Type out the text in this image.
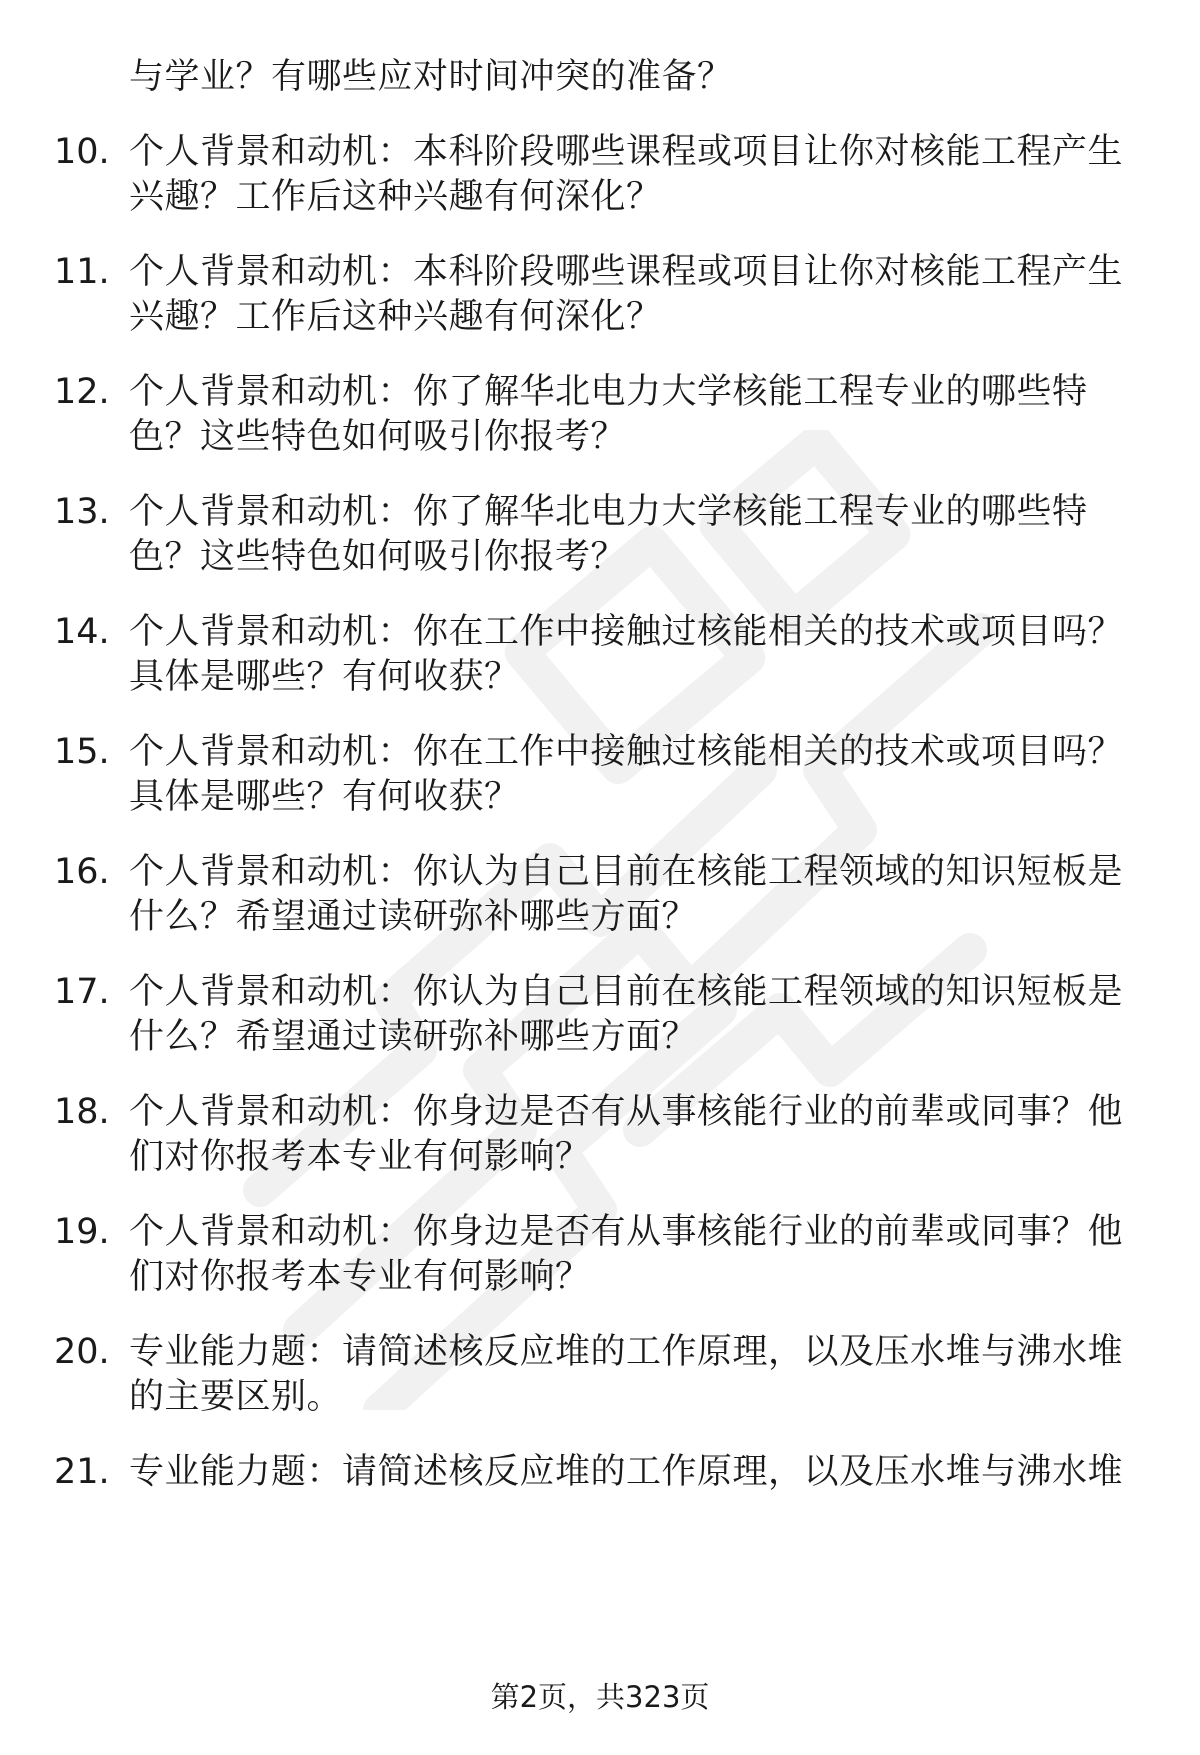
与学业？有哪些应对时间冲突的准备？
10. 个人背景和动机：本科阶段哪些课程或项目让你对核能工程产生
兴趣？工作后这种兴趣有何深化？
11. 个人背景和动机：本科阶段哪些课程或项目让你对核能工程产生
兴趣？工作后这种兴趣有何深化？
12. 个人背景和动机：你了解华北电力大学核能工程专业的哪些特
色？这些特色如何吸引你报考？
13. 个人背景和动机：你了解华北电力大学核能工程专业的哪些特
色？这些特色如何吸引你报考？
14. 个人背景和动机：你在工作中接触过核能相关的技术或项目吗？
具体是哪些？有何收获？
15. 个人背景和动机：你在工作中接触过核能相关的技术或项目吗？
具体是哪些？有何收获？
16. 个人背景和动机：你认为自己目前在核能工程领域的知识短板是
什么？希望通过读研弥补哪些方面？
17. 个人背景和动机：你认为自己目前在核能工程领域的知识短板是
什么？希望通过读研弥补哪些方面？
18. 个人背景和动机：你身边是否有从事核能行业的前辈或同事？他
们对你报考本专业有何影响？
19. 个人背景和动机：你身边是否有从事核能行业的前辈或同事？他
们对你报考本专业有何影响？
20. 专业能力题：请简述核反应堆的工作原理，以及压水堆与沸水堆
的主要区别。
21. 专业能力题：请简述核反应堆的工作原理，以及压水堆与沸水堆
第2页，共323页
